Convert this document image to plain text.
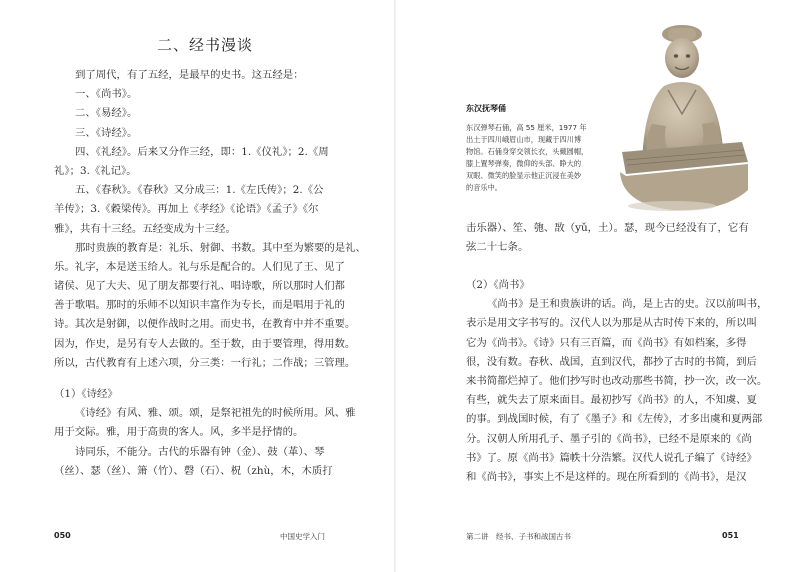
二、经书漫谈
到了周代，有了五经，是最早的史书。这五经是：
一、《尚书》。
二、《易经》。
三、《诗经》。
四、《礼经》。后来又分作三经，即：1.《仪礼》；2.《周
礼》；3.《礼记》。
五、《春秋》。《春秋》又分成三：1.《左氏传》；2.《公
羊传》；3.《穀梁传》。再加上《孝经》《论语》《孟子》《尔
雅》，共有十三经。五经变成为十三经。
那时贵族的教育是：礼乐、射御、书数。其中至为繁要的是礼、
乐。礼字，本是送玉给人。礼与乐是配合的。人们见了王、见了
诸侯、见了大夫、见了朋友都要行礼、唱诗歌，所以那时人们都
善于歌唱。那时的乐师不以知识丰富作为专长，而是唱用于礼的
诗。其次是射御，以便作战时之用。而史书，在教育中并不重要。
因为，作史，是另有专人去做的。至于数，由于要管理，得用数。
所以，古代教育有上述六项，分三类：一行礼；二作战；三管理。
（1）《诗经》
《诗经》有风、雅、颂。颂，是祭祀祖先的时候所用。风、雅
用于交际。雅，用于高贵的客人。风，多半是抒情的。
诗同乐，不能分。古代的乐器有钟（金）、鼓（革）、琴
（丝）、瑟（丝）、箫（竹）、磬（石）、柷（zhù，木，木质打
050	中国史学入门
东汉抚琴俑
东汉弹琴石俑，高 55 厘米，1977 年
出土于四川峨眉山市，现藏于四川博
物馆。石俑身穿交领长衣，头戴圆帽，
膝上置琴弹奏，微仰的头部、睁大的
双眼、微笑的脸显示他正沉浸在美妙
的音乐中。
击乐器）、笙、匏、敔（yǔ，土）。瑟，现今已经没有了，它有
弦二十七条。
（2）《尚书》
《尚书》是王和贵族讲的话。尚，是上古的史。汉以前叫书，
表示是用文字书写的。汉代人以为那是从古时传下来的，所以叫
它为《尚书》。《诗》只有三百篇，而《尚书》有如档案，多得
很，没有数。春秋、战国，直到汉代，都抄了古时的书简，到后
来书简都烂掉了。他们抄写时也改动那些书简，抄一次，改一次。
有些，就失去了原来面目。最初抄写《尚书》的人，不知虞、夏
的事。到战国时候，有了《墨子》和《左传》，才多出虞和夏两部
分。汉朝人所用孔子、墨子引的《尚书》，已经不是原来的《尚
书》了。原《尚书》篇帙十分浩繁。汉代人说孔子编了《诗经》
和《尚书》，事实上不是这样的。现在所看到的《尚书》，是汉
第二讲　经书、子书和战国古书	051
